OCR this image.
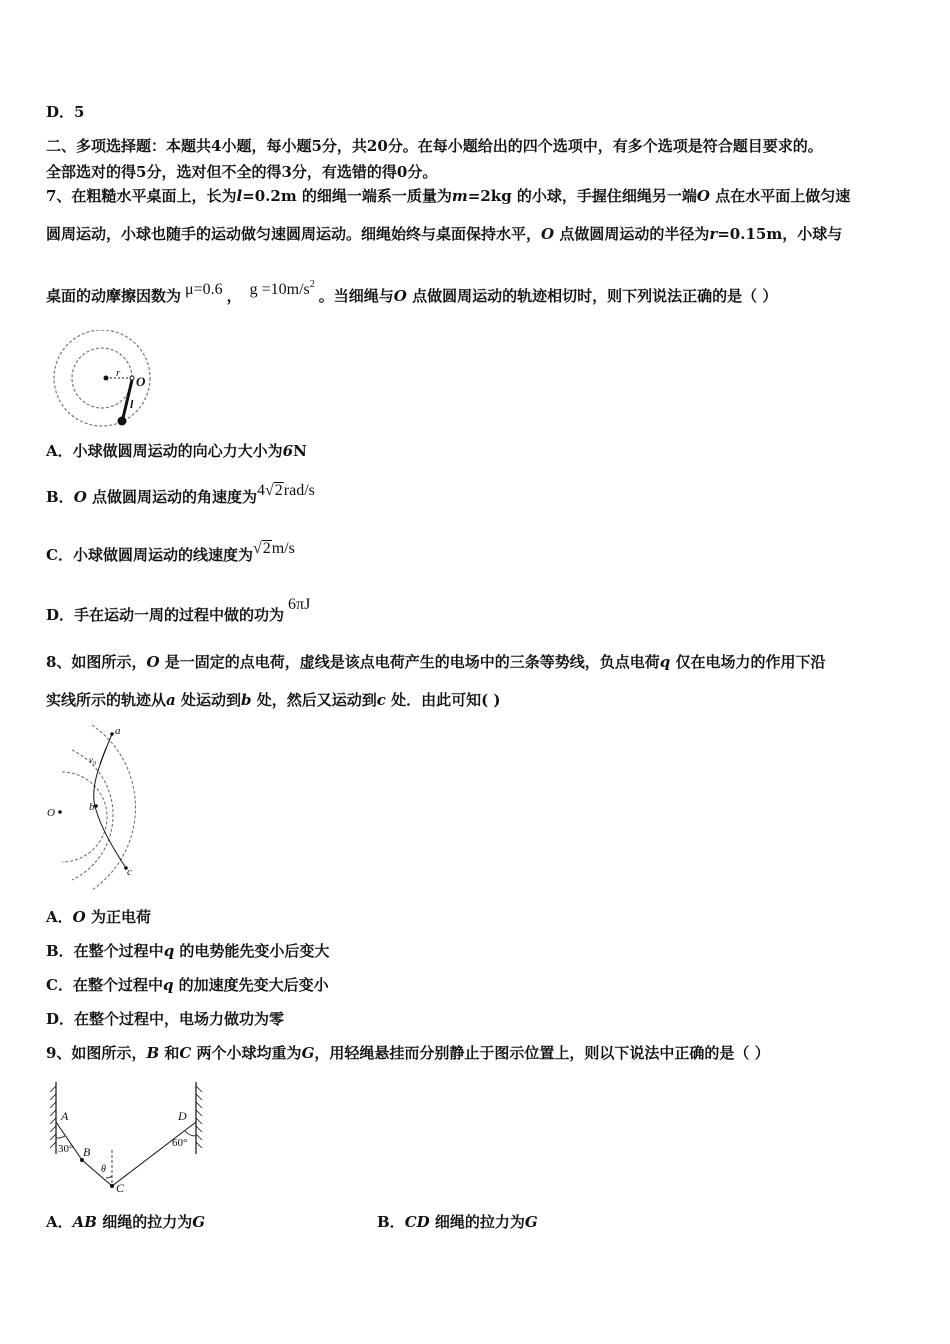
D．5
二、多项选择题：本题共4小题，每小题5分，共20分。在每小题给出的四个选项中，有多个选项是符合题目要求的。
全部选对的得5分，选对但不全的得3分，有选错的得0分。
7、在粗糙水平桌面上，长为l=0.2m 的细绳一端系一质量为m=2kg 的小球，手握住细绳另一端O 点在水平面上做匀速
圆周运动，小球也随手的运动做匀速圆周运动。细绳始终与桌面保持水平，O 点做圆周运动的半径为r=0.15m，小球与
桌面的动摩擦因数为 μ=0.6 ， $g =10m/s^2$。当细绳与O 点做圆周运动的轨迹相切时，则下列说法正确的是（ ）
r
O
l
A．小球做圆周运动的向心力大小为6N
B．O 点做圆周运动的角速度为4√2rad/s
C．小球做圆周运动的线速度为√2m/s
D．手在运动一周的过程中做的功为6πJ
8、如图所示，O 是一固定的点电荷，虚线是该点电荷产生的电场中的三条等势线，负点电荷q 仅在电场力的作用下沿
实线所示的轨迹从a 处运动到b 处，然后又运动到c 处．由此可知( )
a
$v_0$
b
c
O
A．O 为正电荷
B．在整个过程中q 的电势能先变小后变大
C．在整个过程中q 的加速度先变大后变小
D．在整个过程中，电场力做功为零
9、如图所示，B 和C 两个小球均重为G，用轻绳悬挂而分别静止于图示位置上，则以下说法中正确的是（ ）
A	D
B
C
θ
30°	60°
A．AB 细绳的拉力为G	B．CD 细绳的拉力为G
